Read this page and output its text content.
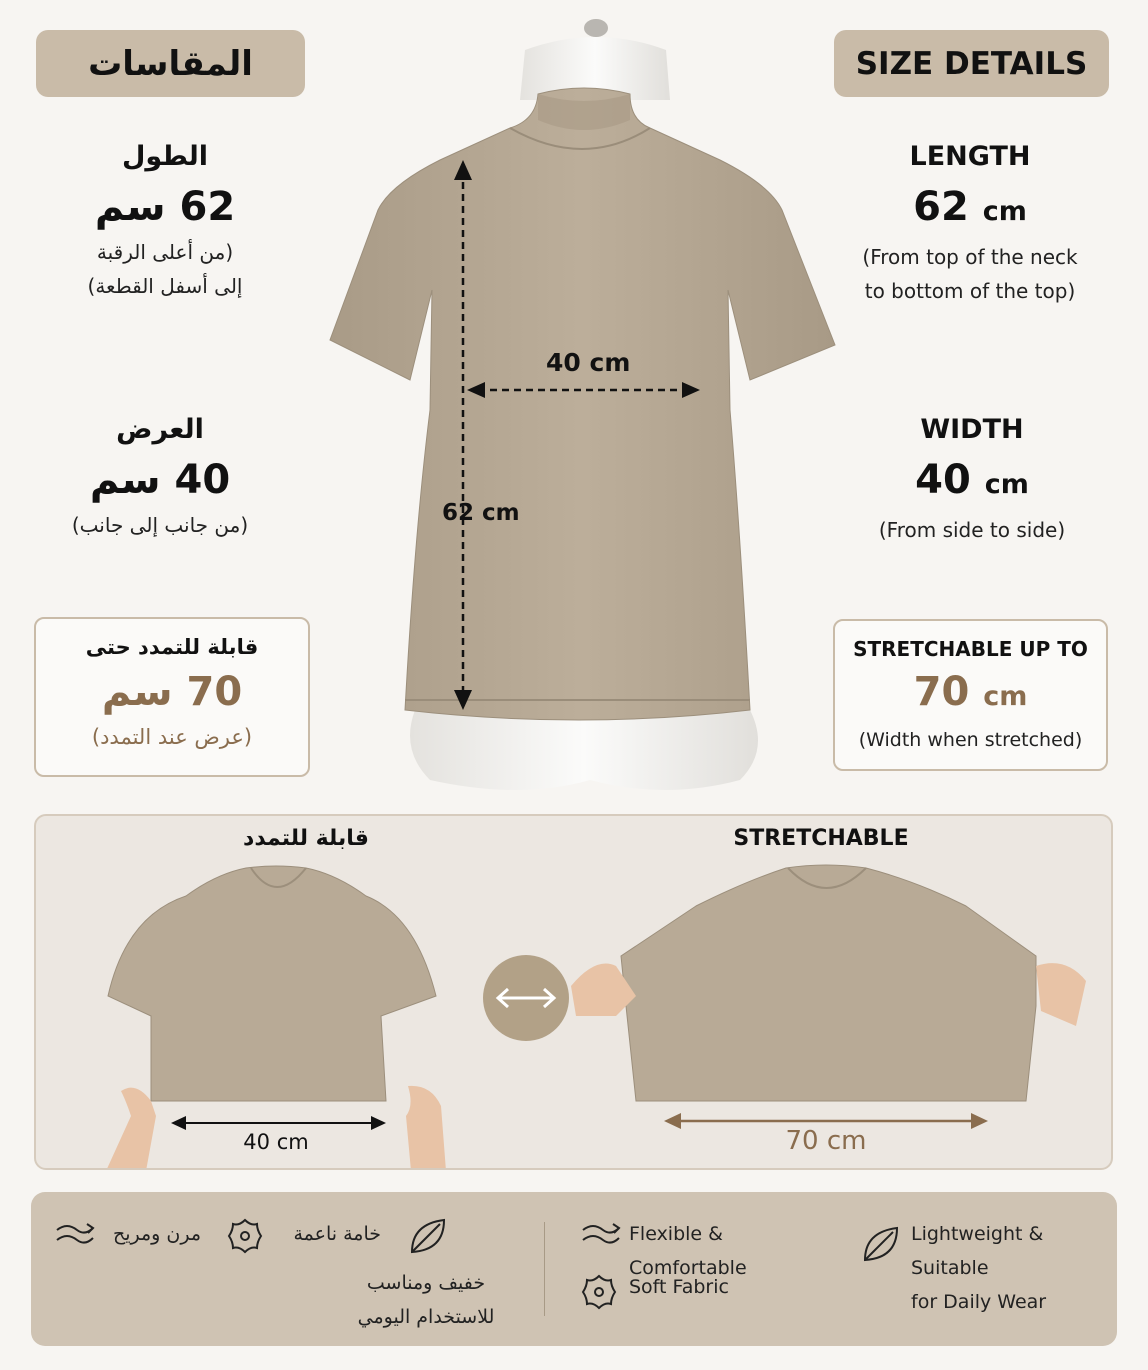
المقاسات	SIZE DETAILS
الطول
62 سم
(من أعلى الرقبة
إلى أسفل القطعة)
LENGTH
62 cm
(From top of the neck
to bottom of the top)
العرض
40 سم
(من جانب إلى جانب)
WIDTH
40 cm
(From side to side)
قابلة للتمدد حتى
70 سم
(عرض عند التمدد)
STRETCHABLE UP TO
70 cm
(Width when stretched)
40 cm
62 cm
قابلة للتمدد	STRETCHABLE
40 cm	70 cm
مرن ومريح	خامة ناعمة
خفيف ومناسب
للاستخدام اليومي
Flexible & Comfortable
Soft Fabric
Lightweight & Suitable
for Daily Wear
